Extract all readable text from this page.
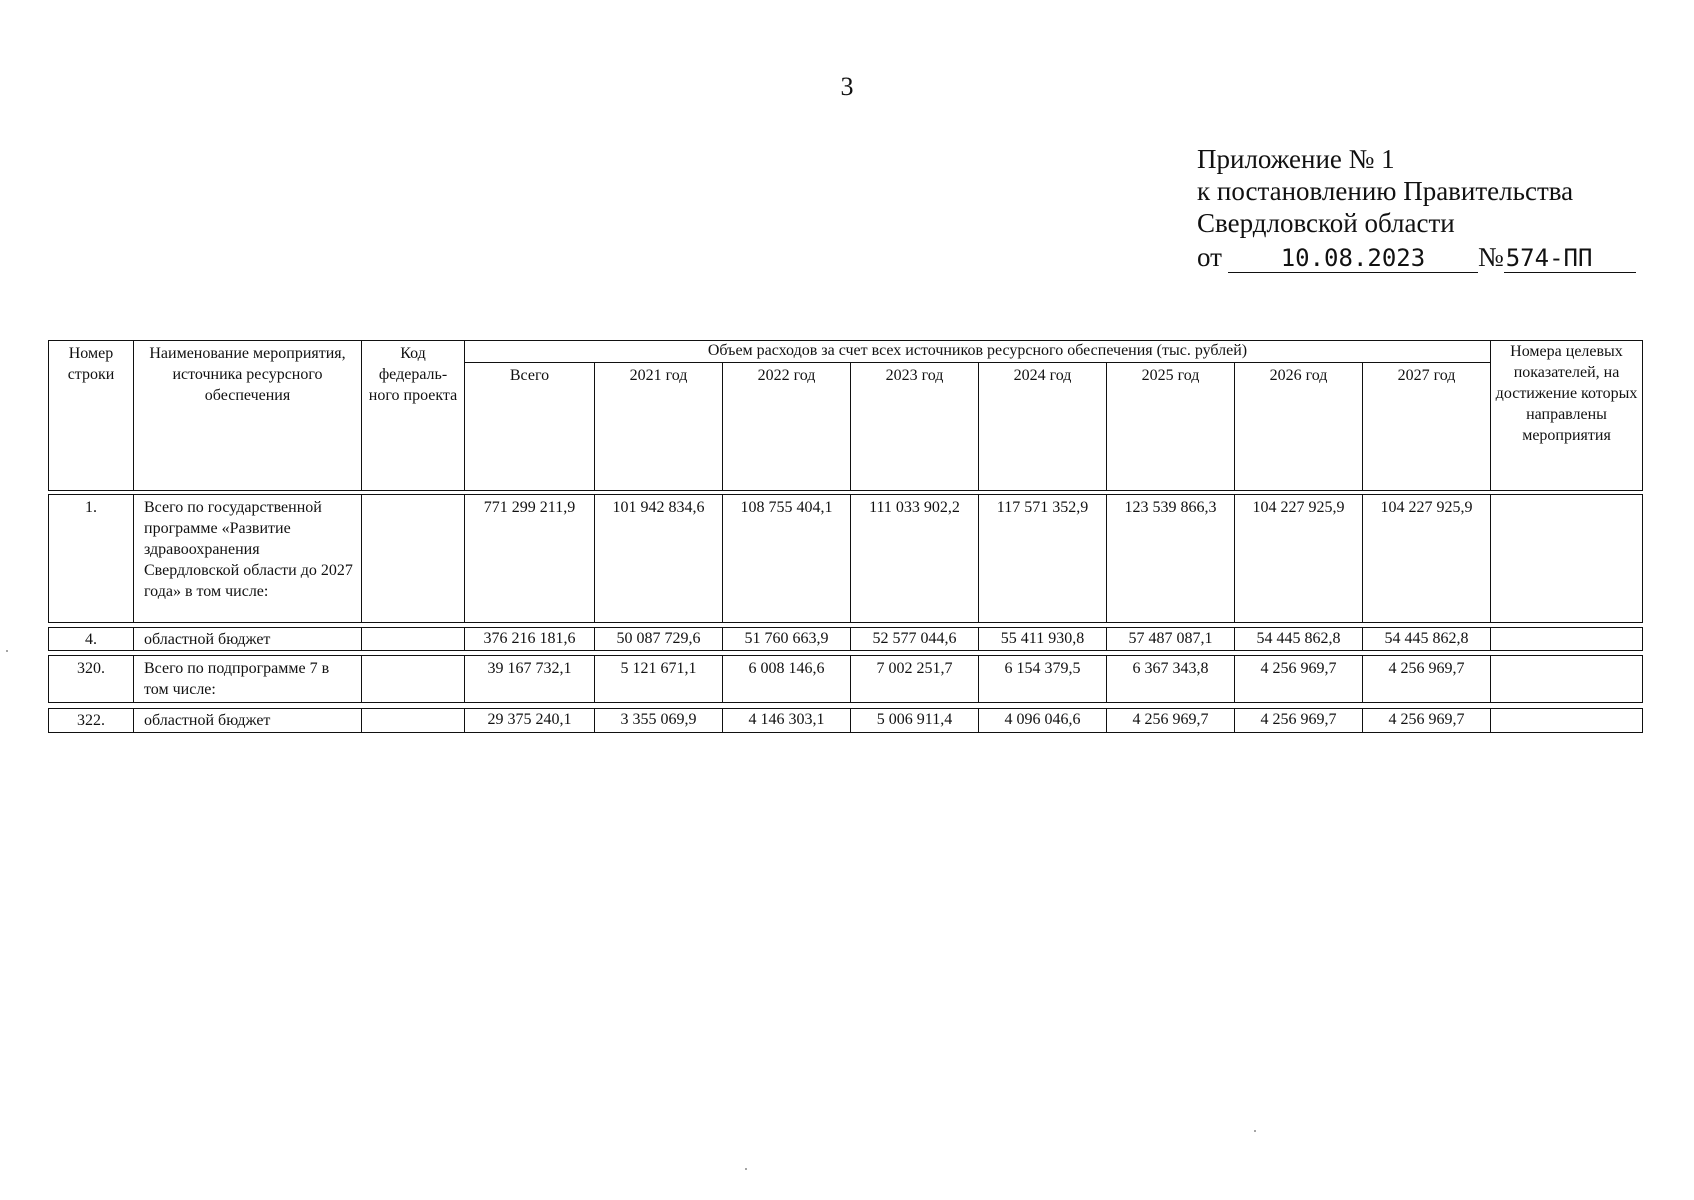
3
Приложение № 1
к постановлению Правительства
Свердловской области
от	10.08.2023	№ 574-ПП
Номер строки	Наименование мероприятия, источника ресурсного обеспечения	Код федераль-ного проекта	Объем расходов за счет всех источников ресурсного обеспечения (тыс. рублей)								Номера целевых показателей, на достижение которых направлены мероприятия
			Всего	2021 год	2022 год	2023 год	2024 год	2025 год	2026 год	2027 год	
1.	Всего по государственной программе «Развитие здравоохранения Свердловской области до 2027 года» в том числе:		771 299 211,9	101 942 834,6	108 755 404,1	111 033 902,2	117 571 352,9	123 539 866,3	104 227 925,9	104 227 925,9	
4.	областной бюджет		376 216 181,6	50 087 729,6	51 760 663,9	52 577 044,6	55 411 930,8	57 487 087,1	54 445 862,8	54 445 862,8	
320.	Всего по подпрограмме 7 в том числе:		39 167 732,1	5 121 671,1	6 008 146,6	7 002 251,7	6 154 379,5	6 367 343,8	4 256 969,7	4 256 969,7	
322.	областной бюджет		29 375 240,1	3 355 069,9	4 146 303,1	5 006 911,4	4 096 046,6	4 256 969,7	4 256 969,7	4 256 969,7	
